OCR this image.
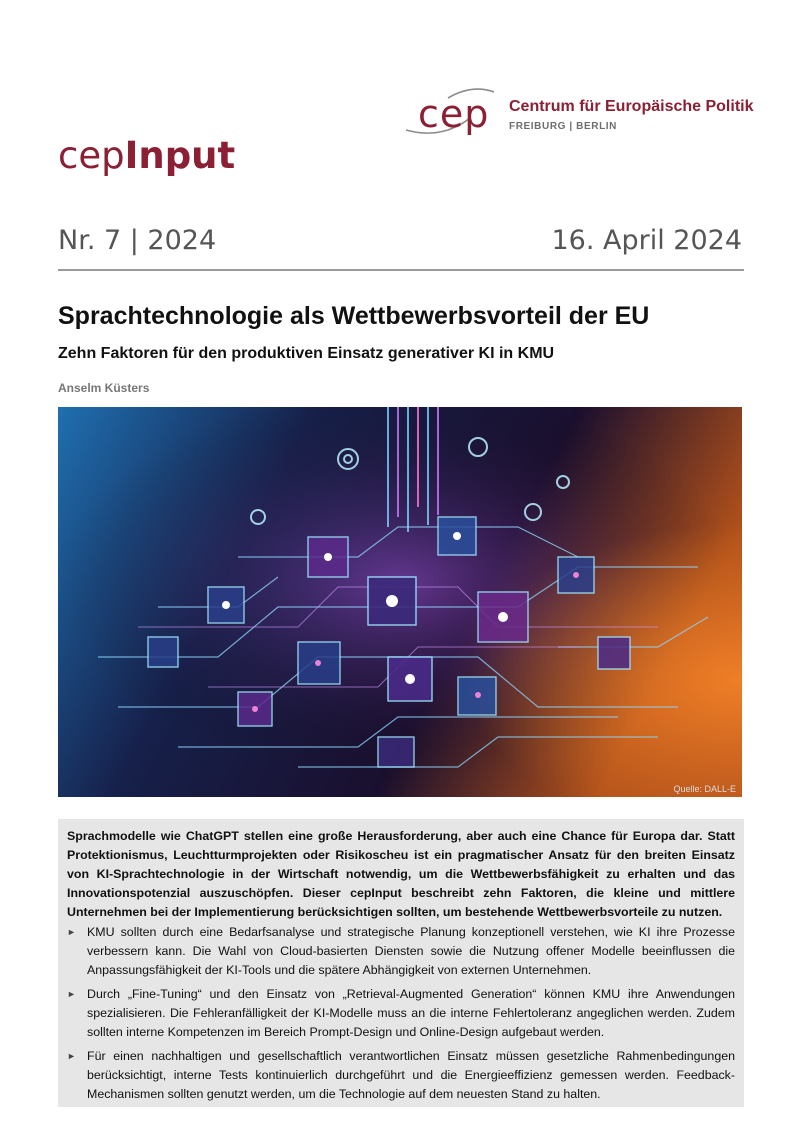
cep Centrum für Europäische Politik
FREIBURG | BERLIN
cepInput
Nr. 7 | 2024	16. April 2024
Sprachtechnologie als Wettbewerbsvorteil der EU
Zehn Faktoren für den produktiven Einsatz generativer KI in KMU
Anselm Küsters
Quelle: DALL-E

Sprachmodelle wie ChatGPT stellen eine große Herausforderung, aber auch eine Chance für Europa dar. Statt Protektionismus, Leuchtturmprojekten oder Risikoscheu ist ein pragmatischer Ansatz für den breiten Einsatz von KI-Sprachtechnologie in der Wirtschaft notwendig, um die Wettbewerbsfähigkeit zu erhalten und das Innovationspotenzial auszuschöpfen. Dieser cepInput beschreibt zehn Faktoren, die kleine und mittlere Unternehmen bei der Implementierung berücksichtigen sollten, um bestehende Wettbewerbsvorteile zu nutzen.

► KMU sollten durch eine Bedarfsanalyse und strategische Planung konzeptionell verstehen, wie KI ihre Prozesse verbessern kann. Die Wahl von Cloud-basierten Diensten sowie die Nutzung offener Modelle beeinflussen die Anpassungsfähigkeit der KI-Tools und die spätere Abhängigkeit von externen Unternehmen.

► Durch „Fine-Tuning“ und den Einsatz von „Retrieval-Augmented Generation“ können KMU ihre Anwendungen spezialisieren. Die Fehleranfälligkeit der KI-Modelle muss an die interne Fehlertoleranz angeglichen werden. Zudem sollten interne Kompetenzen im Bereich Prompt-Design und Online-Design aufgebaut werden.

► Für einen nachhaltigen und gesellschaftlich verantwortlichen Einsatz müssen gesetzliche Rahmenbedingungen berücksichtigt, interne Tests kontinuierlich durchgeführt und die Energieeffizienz gemessen werden. Feedback-Mechanismen sollten genutzt werden, um die Technologie auf dem neuesten Stand zu halten.
